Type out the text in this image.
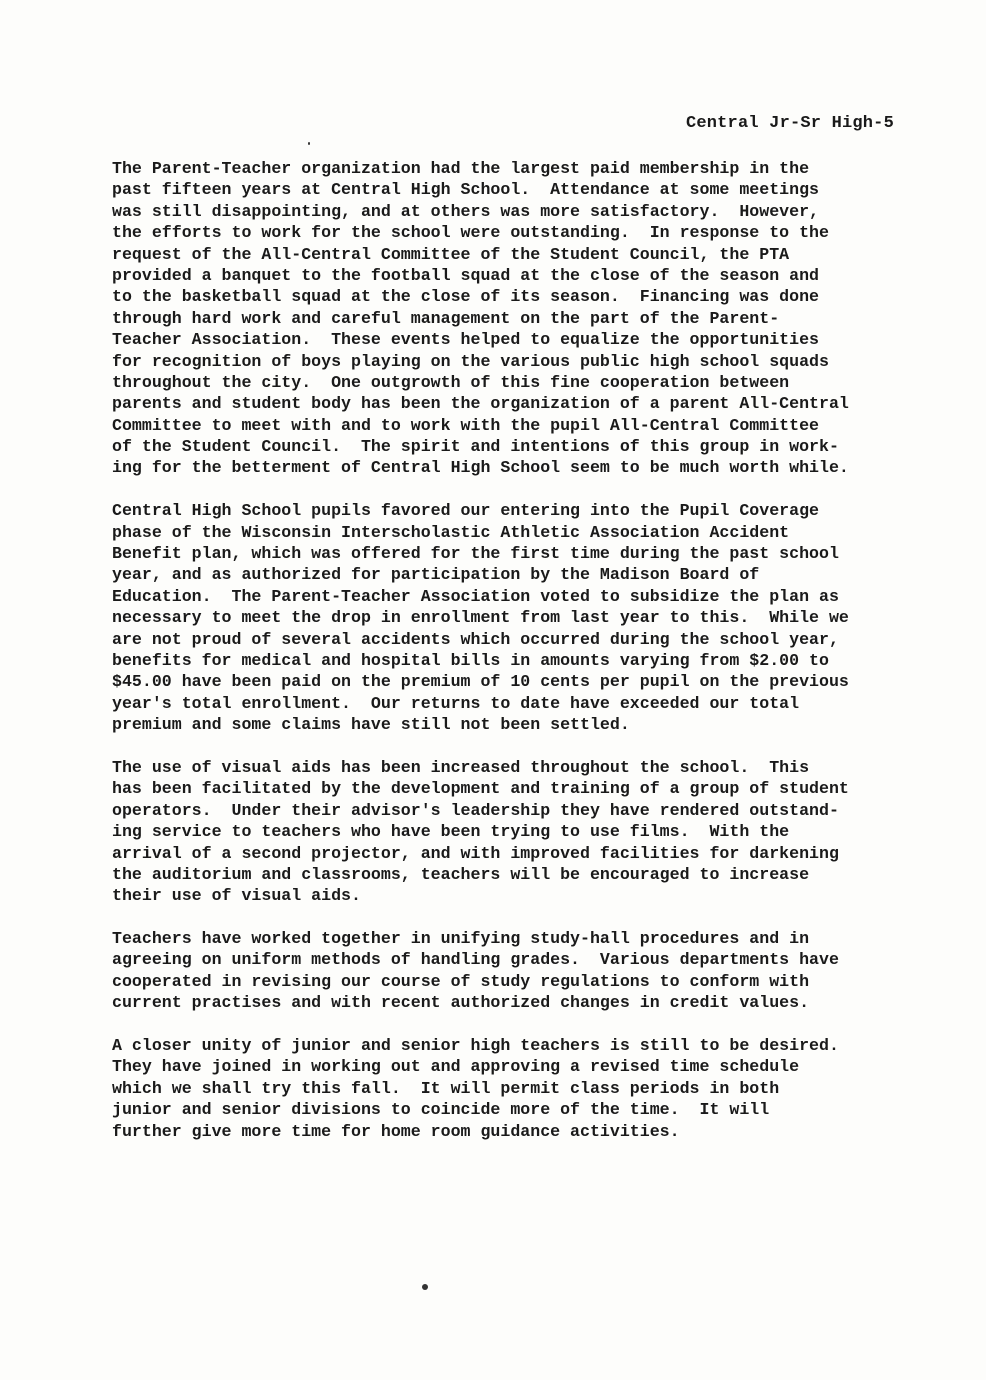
Central Jr-Sr High-5
The Parent-Teacher organization had the largest paid membership in the
past fifteen years at Central High School.  Attendance at some meetings
was still disappointing, and at others was more satisfactory.  However,
the efforts to work for the school were outstanding.  In response to the
request of the All-Central Committee of the Student Council, the PTA
provided a banquet to the football squad at the close of the season and
to the basketball squad at the close of its season.  Financing was done
through hard work and careful management on the part of the Parent-
Teacher Association.  These events helped to equalize the opportunities
for recognition of boys playing on the various public high school squads
throughout the city.  One outgrowth of this fine cooperation between
parents and student body has been the organization of a parent All-Central
Committee to meet with and to work with the pupil All-Central Committee
of the Student Council.  The spirit and intentions of this group in work-
ing for the betterment of Central High School seem to be much worth while.
Central High School pupils favored our entering into the Pupil Coverage
phase of the Wisconsin Interscholastic Athletic Association Accident
Benefit plan, which was offered for the first time during the past school
year, and as authorized for participation by the Madison Board of
Education.  The Parent-Teacher Association voted to subsidize the plan as
necessary to meet the drop in enrollment from last year to this.  While we
are not proud of several accidents which occurred during the school year,
benefits for medical and hospital bills in amounts varying from $2.00 to
$45.00 have been paid on the premium of 10 cents per pupil on the previous
year's total enrollment.  Our returns to date have exceeded our total
premium and some claims have still not been settled.
The use of visual aids has been increased throughout the school.  This
has been facilitated by the development and training of a group of student
operators.  Under their advisor's leadership they have rendered outstand-
ing service to teachers who have been trying to use films.  With the
arrival of a second projector, and with improved facilities for darkening
the auditorium and classrooms, teachers will be encouraged to increase
their use of visual aids.
Teachers have worked together in unifying study-hall procedures and in
agreeing on uniform methods of handling grades.  Various departments have
cooperated in revising our course of study regulations to conform with
current practises and with recent authorized changes in credit values.
A closer unity of junior and senior high teachers is still to be desired.
They have joined in working out and approving a revised time schedule
which we shall try this fall.  It will permit class periods in both
junior and senior divisions to coincide more of the time.  It will
further give more time for home room guidance activities.
